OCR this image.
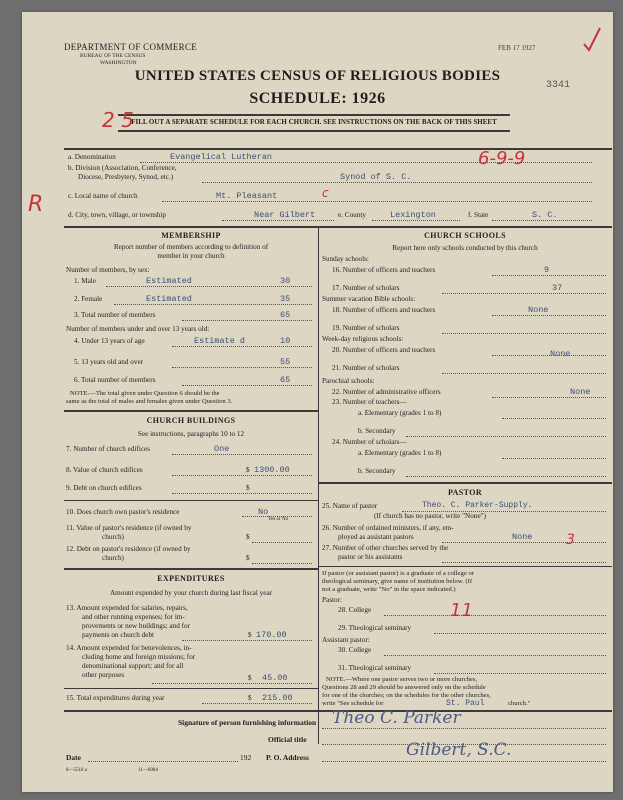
DEPARTMENT OF COMMERCE
BUREAU OF THE CENSUS
WASHINGTON
FEB 17 1927
3341
UNITED STATES CENSUS OF RELIGIOUS BODIES
SCHEDULE: 1926
FILL OUT A SEPARATE SCHEDULE FOR EACH CHURCH. SEE INSTRUCTIONS ON THE BACK OF THIS SHEET
2 5
R
6-9-9
c
11
3
a. Denomination	Evangelical Lutheran
b. Division (Association, Conference,
Diocese, Presbytery, Synod, etc.)	Synod of S. C.
c. Local name of church	Mt. Pleasant
d. City, town, village, or township	Near Gilbert	e. County	Lexington	f. State	S. C.
MEMBERSHIP
Report number of members according to definition of
member in your church
Number of members, by sex:
1. Male	Estimated	30
2. Female	Estimated	35
3. Total number of members	65
Number of members under and over 13 years old:
4. Under 13 years of age	Estimate d	10
5. 13 years old and over	55
6. Total number of members	65
NOTE.—The total given under Question 6 should be the
same as the total of males and females given under Question 3.
CHURCH BUILDINGS
See instructions, paragraphs 10 to 12
7. Number of church edifices	One
8. Value of church edifices	$ 1300.00
9. Debt on church edifices	$
10. Does church own pastor's residence	No
Yes or No
11. Value of pastor's residence (if owned by
church)	$
12. Debt on pastor's residence (if owned by
church)	$
EXPENDITURES
Amount expended by your church during last fiscal year
13. Amount expended for salaries, repairs,
and other running expenses; for im-
provements or new buildings; and for
payments on church debt	$ 170.00
14. Amount expended for benevolences, in-
cluding home and foreign missions; for
denominational support; and for all
other purposes	$ 45.00
15. Total expenditures during year	$ 215.00
CHURCH SCHOOLS
Report here only schools conducted by this church
Sunday schools:
16. Number of officers and teachers	9
17. Number of scholars	37
Summer vacation Bible schools:
18. Number of officers and teachers	None
19. Number of scholars
Week-day religious schools:
20. Number of officers and teachers	None
21. Number of scholars
Parochial schools:
22. Number of administrative officers	None
23. Number of teachers—
a. Elementary (grades 1 to 8)
b. Secondary
24. Number of scholars—
a. Elementary (grades 1 to 8)
b. Secondary
PASTOR
25. Name of pastor	Theo. C. Parker-Supply.
(If church has no pastor, write "None")
26. Number of ordained ministers, if any, em-
ployed as assistant pastors	None
27. Number of other churches served by the
pastor or his assistants
If pastor (or assistant pastor) is a graduate of a college or
theological seminary, give name of institution below. (If
not a graduate, write "No" in the space indicated.)
Pastor:
28. College
29. Theological seminary
Assistant pastor:
30. College
31. Theological seminary
NOTE.—Where one pastor serves two or more churches,
Questions 28 and 29 should be answered only on the schedule
for one of the churches; on the schedules for the other churches,
write "See schedule for	St. Paul	church."
Signature of person furnishing information Theo C. Parker
Official title
Date	192 P. O. Address	Gilbert, S.C.
8—5518 a	11—6084
